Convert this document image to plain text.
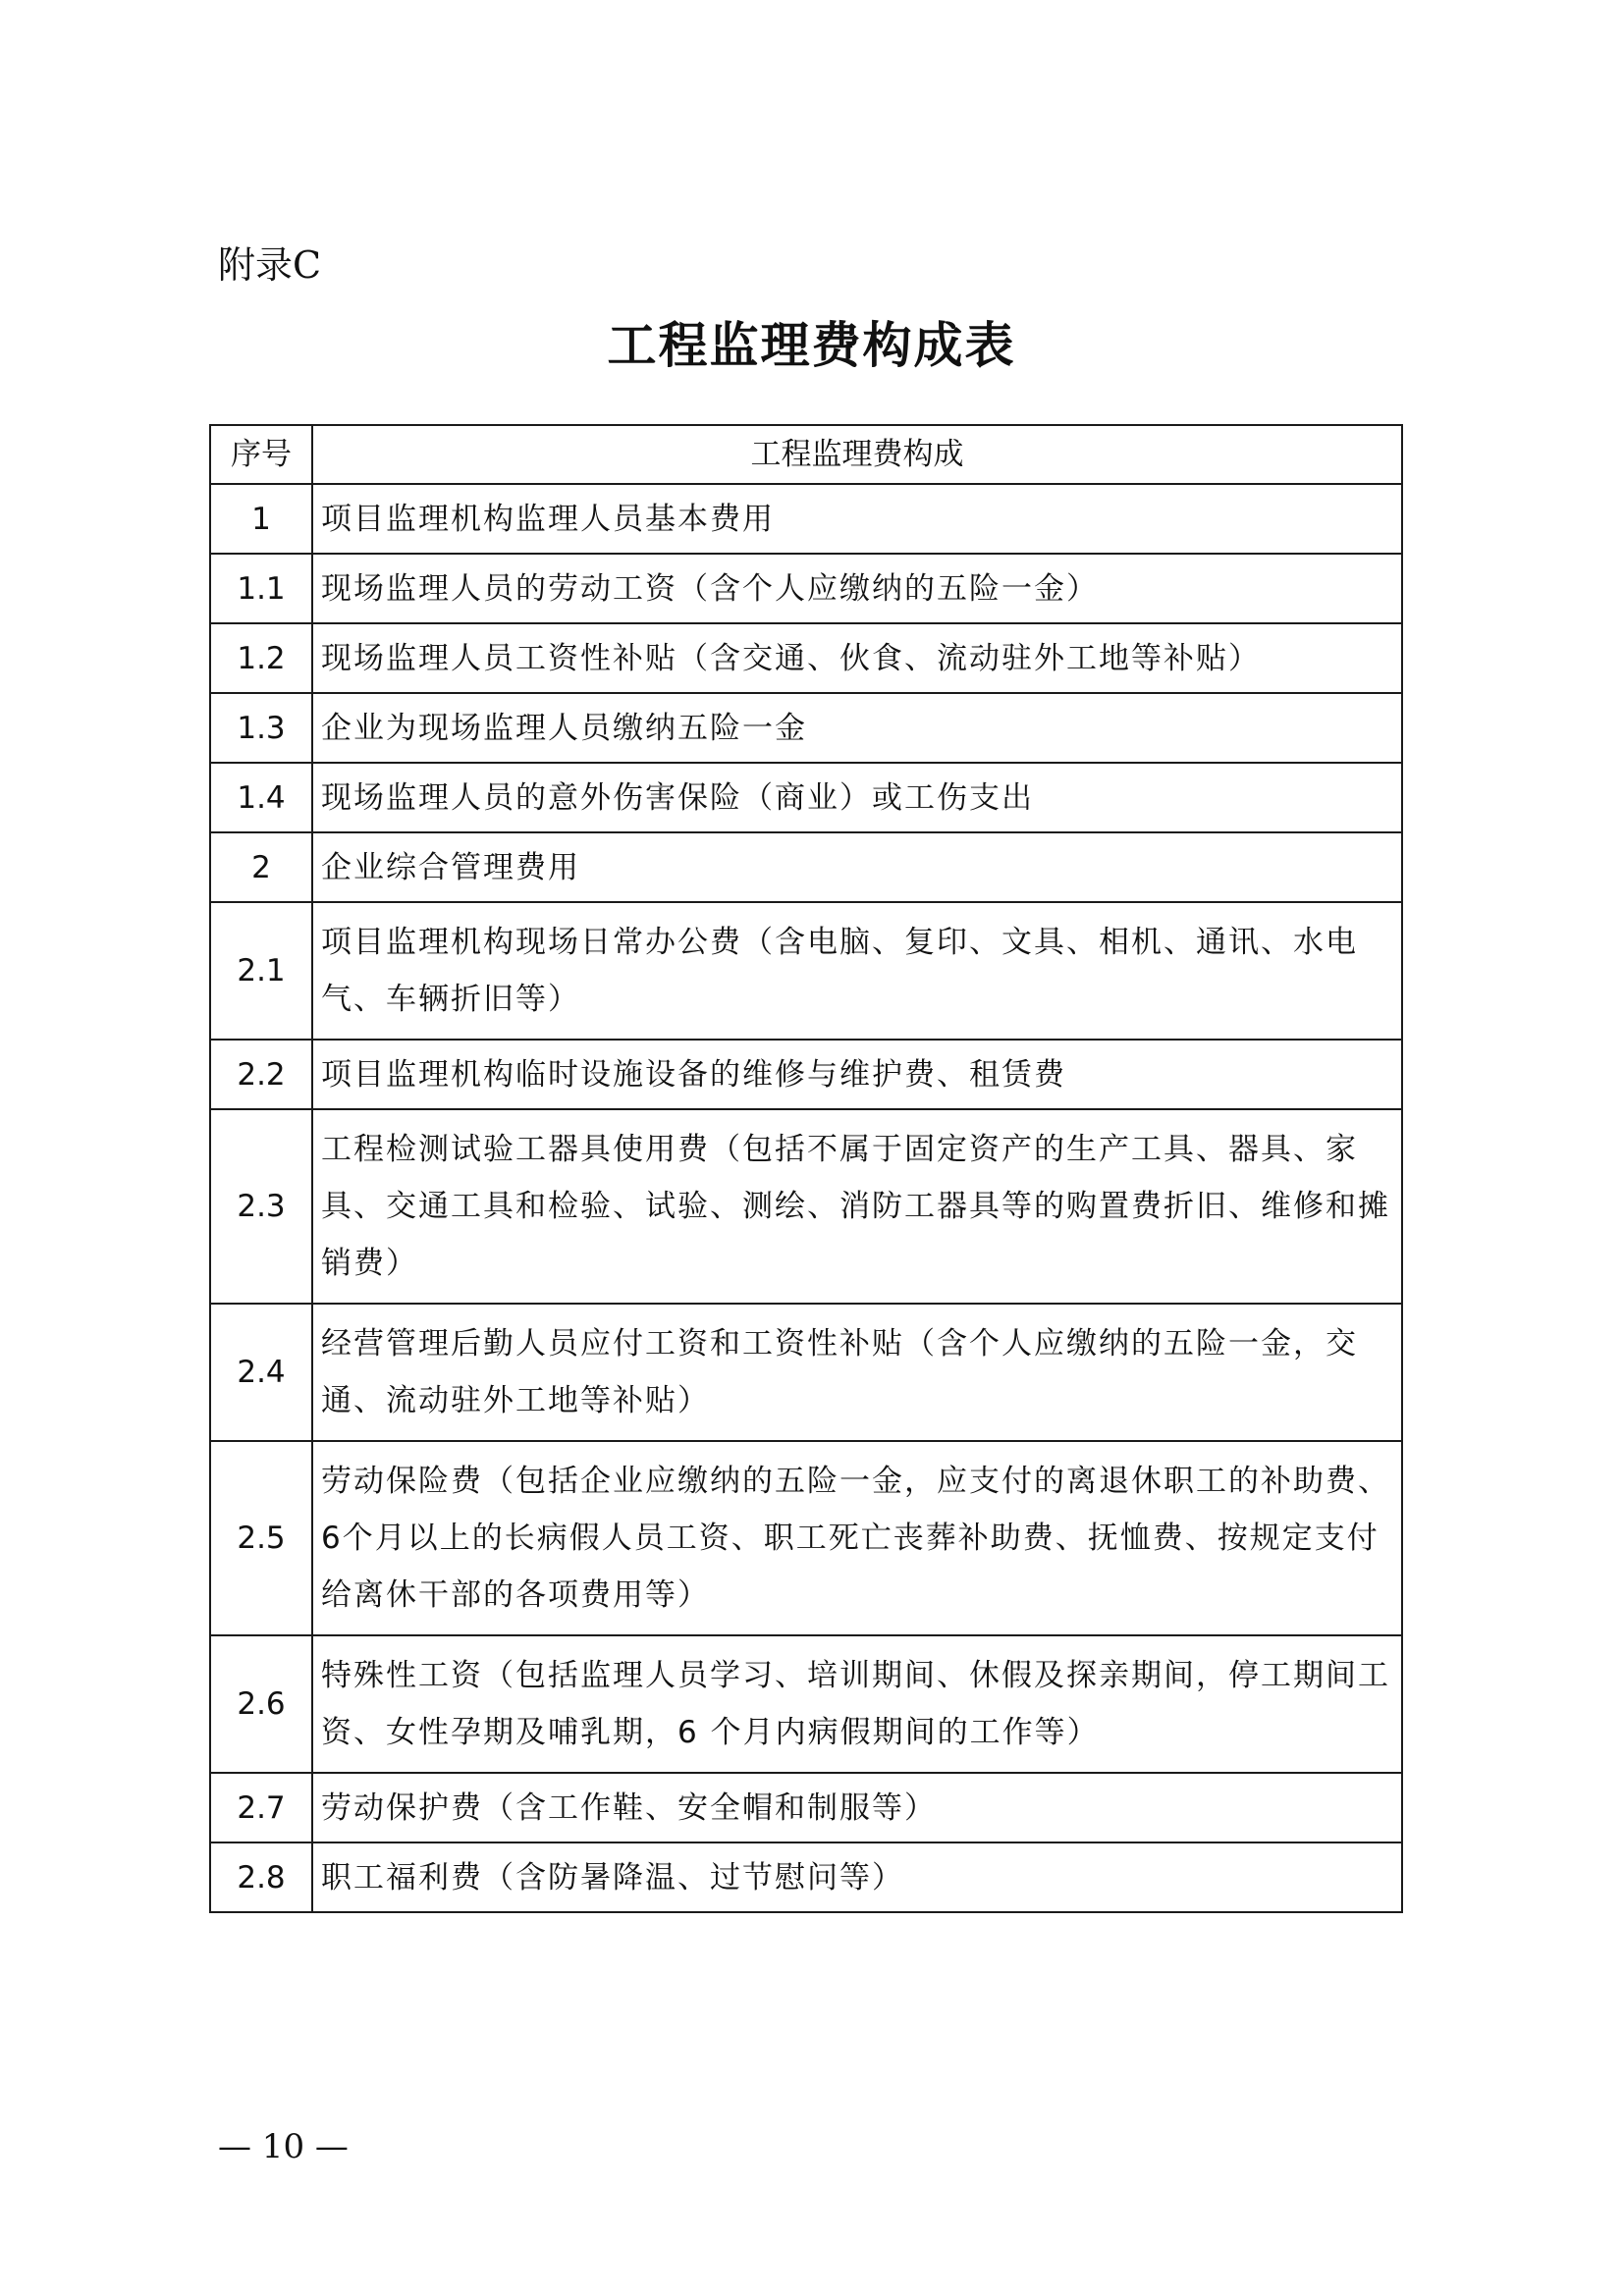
附录C
工程监理费构成表
序号	工程监理费构成
1	项目监理机构监理人员基本费用
1.1	现场监理人员的劳动工资（含个人应缴纳的五险一金）
1.2	现场监理人员工资性补贴（含交通、伙食、流动驻外工地等补贴）
1.3	企业为现场监理人员缴纳五险一金
1.4	现场监理人员的意外伤害保险（商业）或工伤支出
2	企业综合管理费用
2.1	项目监理机构现场日常办公费（含电脑、复印、文具、相机、通讯、水电气、车辆折旧等）
2.2	项目监理机构临时设施设备的维修与维护费、租赁费
2.3	工程检测试验工器具使用费（包括不属于固定资产的生产工具、器具、家具、交通工具和检验、试验、测绘、消防工器具等的购置费折旧、维修和摊销费）
2.4	经营管理后勤人员应付工资和工资性补贴（含个人应缴纳的五险一金，交通、流动驻外工地等补贴）
2.5	劳动保险费（包括企业应缴纳的五险一金，应支付的离退休职工的补助费、6个月以上的长病假人员工资、职工死亡丧葬补助费、抚恤费、按规定支付给离休干部的各项费用等）
2.6	特殊性工资（包括监理人员学习、培训期间、休假及探亲期间，停工期间工资、女性孕期及哺乳期，6 个月内病假期间的工作等）
2.7	劳动保护费（含工作鞋、安全帽和制服等）
2.8	职工福利费（含防暑降温、过节慰问等）

— 10 —
